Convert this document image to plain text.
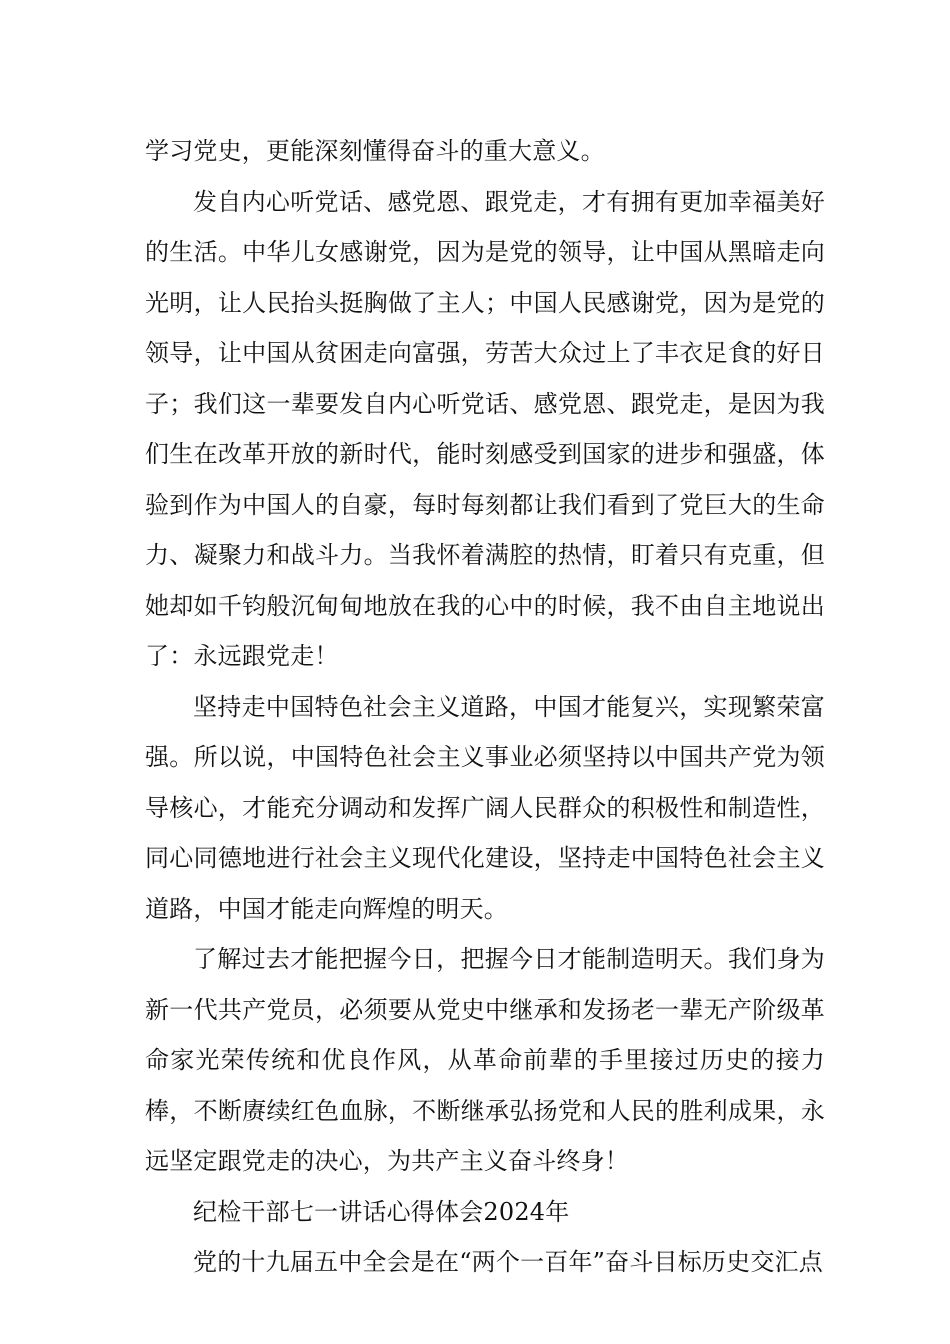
学习党史，更能深刻懂得奋斗的重大意义。

发自内心听党话、感党恩、跟党走，才有拥有更加幸福美好的生活。中华儿女感谢党，因为是党的领导，让中国从黑暗走向光明，让人民抬头挺胸做了主人；中国人民感谢党，因为是党的领导，让中国从贫困走向富强，劳苦大众过上了丰衣足食的好日子；我们这一辈要发自内心听党话、感党恩、跟党走，是因为我们生在改革开放的新时代，能时刻感受到国家的进步和强盛，体验到作为中国人的自豪，每时每刻都让我们看到了党巨大的生命力、凝聚力和战斗力。当我怀着满腔的热情，盯着只有克重，但她却如千钧般沉甸甸地放在我的心中的时候，我不由自主地说出了：永远跟党走！

坚持走中国特色社会主义道路，中国才能复兴，实现繁荣富强。所以说，中国特色社会主义事业必须坚持以中国共产党为领导核心，才能充分调动和发挥广阔人民群众的积极性和制造性，同心同德地进行社会主义现代化建设，坚持走中国特色社会主义道路，中国才能走向辉煌的明天。

了解过去才能把握今日，把握今日才能制造明天。我们身为新一代共产党员，必须要从党史中继承和发扬老一辈无产阶级革命家光荣传统和优良作风，从革命前辈的手里接过历史的接力棒，不断赓续红色血脉，不断继承弘扬党和人民的胜利成果，永远坚定跟党走的决心，为共产主义奋斗终身！

纪检干部七一讲话心得体会2024年

党的十九届五中全会是在“两个一百年”奋斗目标历史交汇点
